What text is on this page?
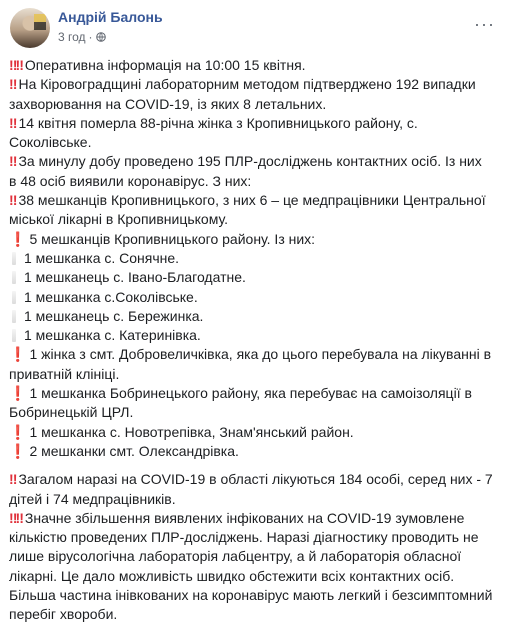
Андрій Балонь
3 год ·
···
‼‼ Оперативна інформація на 10:00 15 квітня.
‼ На Кіровоградщині лабораторним методом підтверджено 192 випадки
захворювання на COVID-19, із яких 8 летальних.
‼ 14 квітня померла 88-річна жінка з Кропивницького району, с.
Соколівське.
‼ За минулу добу проведено 195 ПЛР-досліджень контактних осіб. Із них
в 48 осіб виявили коронавірус. З них:
‼ 38 мешканців Кропивницького, з них 6 – це медпрацівники Центральної
міської лікарні в Кропивницькому.
❗ 5 мешканців Кропивницького району. Із них:
1 мешканка с. Сонячне.
1 мешканець с. Івано-Благодатне.
1 мешканка с.Соколівське.
1 мешканець с. Бережинка.
1 мешканка с. Катеринівка.
❗ 1 жінка з смт. Добровеличківка, яка до цього перебувала на лікуванні в
приватній клініці.
❗ 1 мешканка Бобринецького району, яка перебуває на самоізоляції в
Бобринецькій ЦРЛ.
❗ 1 мешканка с. Новотрепівка, Знам'янський район.
❗ 2 мешканки смт. Олександрівка.
‼ Загалом наразі на COVID-19 в області лікуються 184 особі, серед них - 7
дітей і 74 медпрацівників.
‼‼ Значне збільшення виявлених інфікованих на COVID-19 зумовлене
кількістю проведених ПЛР-досліджень. Наразі діагностику проводить не
лише вірусологічна лабораторія лабцентру, а й лабораторія обласної
лікарні. Це дало можливість швидко обстежити всіх контактних осіб.
Більша частина інівкованих на коронавірус мають легкий і безсимптомний
перебіг хвороби.
